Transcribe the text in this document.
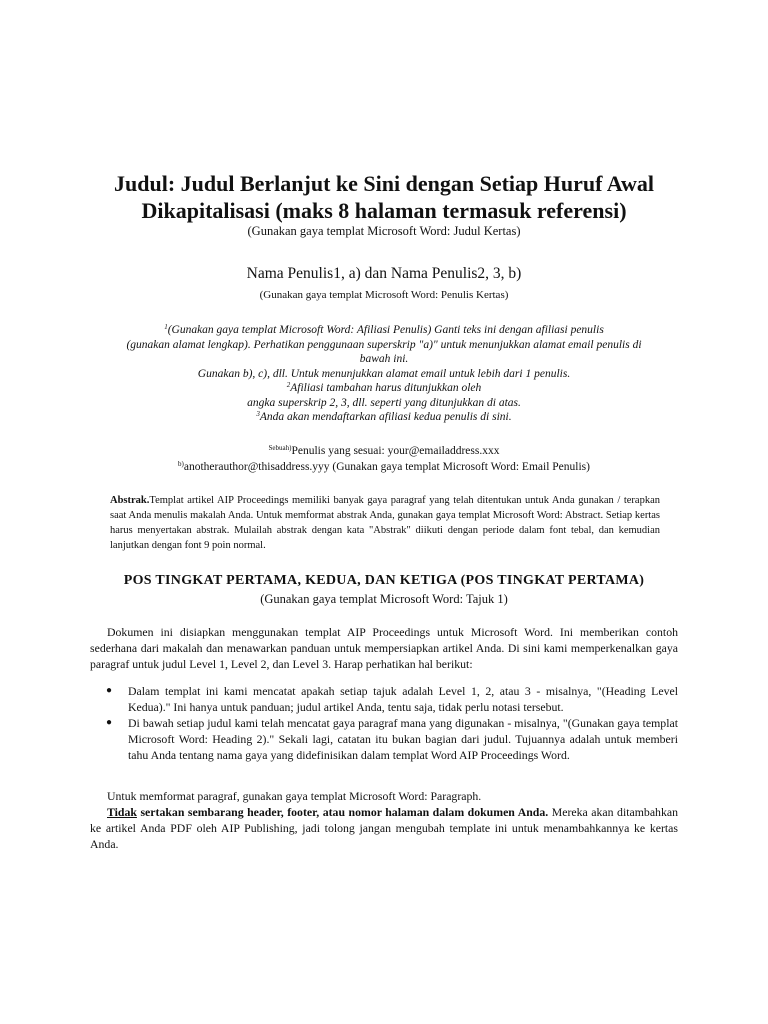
Judul: Judul Berlanjut ke Sini dengan Setiap Huruf Awal
Dikapitalisasi (maks 8 halaman termasuk referensi)
(Gunakan gaya templat Microsoft Word: Judul Kertas)
Nama Penulis1, a) dan Nama Penulis2, 3, b)
(Gunakan gaya templat Microsoft Word: Penulis Kertas)
$^1$(Gunakan gaya templat Microsoft Word: Afiliasi Penulis) Ganti teks ini dengan afiliasi penulis
(gunakan alamat lengkap). Perhatikan penggunaan superskrip "a)" untuk menunjukkan alamat email penulis di
bawah ini.
Gunakan b), c), dll. Untuk menunjukkan alamat email untuk lebih dari 1 penulis.
$^2$Afiliasi tambahan harus ditunjukkan oleh
angka superskrip 2, 3, dll. seperti yang ditunjukkan di atas.
$^3$Anda akan mendaftarkan afiliasi kedua penulis di sini.
$^{Sebuah)}$Penulis yang sesuai: your@emailaddress.xxx
$^{b)}$anotherauthor@thisaddress.yyy (Gunakan gaya templat Microsoft Word: Email Penulis)
Abstrak.Templat artikel AIP Proceedings memiliki banyak gaya paragraf yang telah ditentukan untuk Anda gunakan / terapkan saat Anda menulis makalah Anda. Untuk memformat abstrak Anda, gunakan gaya templat Microsoft Word: Abstract. Setiap kertas harus menyertakan abstrak. Mulailah abstrak dengan kata "Abstrak" diikuti dengan periode dalam font tebal, dan kemudian lanjutkan dengan font 9 poin normal.
POS TINGKAT PERTAMA, KEDUA, DAN KETIGA (POS TINGKAT PERTAMA)
(Gunakan gaya templat Microsoft Word: Tajuk 1)
Dokumen ini disiapkan menggunakan templat AIP Proceedings untuk Microsoft Word. Ini memberikan contoh sederhana dari makalah dan menawarkan panduan untuk mempersiapkan artikel Anda. Di sini kami memperkenalkan gaya paragraf untuk judul Level 1, Level 2, dan Level 3. Harap perhatikan hal berikut:
●	Dalam templat ini kami mencatat apakah setiap tajuk adalah Level 1, 2, atau 3 - misalnya, "(Heading Level Kedua)." Ini hanya untuk panduan; judul artikel Anda, tentu saja, tidak perlu notasi tersebut.
●	Di bawah setiap judul kami telah mencatat gaya paragraf mana yang digunakan - misalnya, "(Gunakan gaya templat Microsoft Word: Heading 2)." Sekali lagi, catatan itu bukan bagian dari judul. Tujuannya adalah untuk memberi tahu Anda tentang nama gaya yang didefinisikan dalam templat Word AIP Proceedings Word.
Untuk memformat paragraf, gunakan gaya templat Microsoft Word: Paragraph.
Tidak sertakan sembarang header, footer, atau nomor halaman dalam dokumen Anda. Mereka akan ditambahkan ke artikel Anda PDF oleh AIP Publishing, jadi tolong jangan mengubah template ini untuk menambahkannya ke kertas Anda.
